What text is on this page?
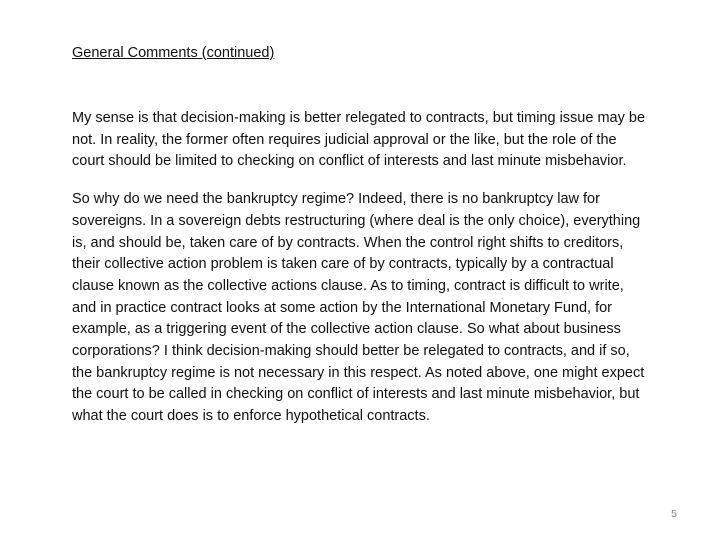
General Comments (continued)

My sense is that decision-making is better relegated to contracts, but timing issue may be not. In reality, the former often requires judicial approval or the like, but the role of the court should be limited to checking on conflict of interests and last minute misbehavior.

So why do we need the bankruptcy regime? Indeed, there is no bankruptcy law for sovereigns. In a sovereign debts restructuring (where deal is the only choice), everything is, and should be, taken care of by contracts. When the control right shifts to creditors, their collective action problem is taken care of by contracts, typically by a contractual clause known as the collective actions clause. As to timing, contract is difficult to write, and in practice contract looks at some action by the International Monetary Fund, for example, as a triggering event of the collective action clause. So what about business corporations? I think decision-making should better be relegated to contracts, and if so, the bankruptcy regime is not necessary in this respect. As noted above, one might expect the court to be called in checking on conflict of interests and last minute misbehavior, but what the court does is to enforce hypothetical contracts.

5
